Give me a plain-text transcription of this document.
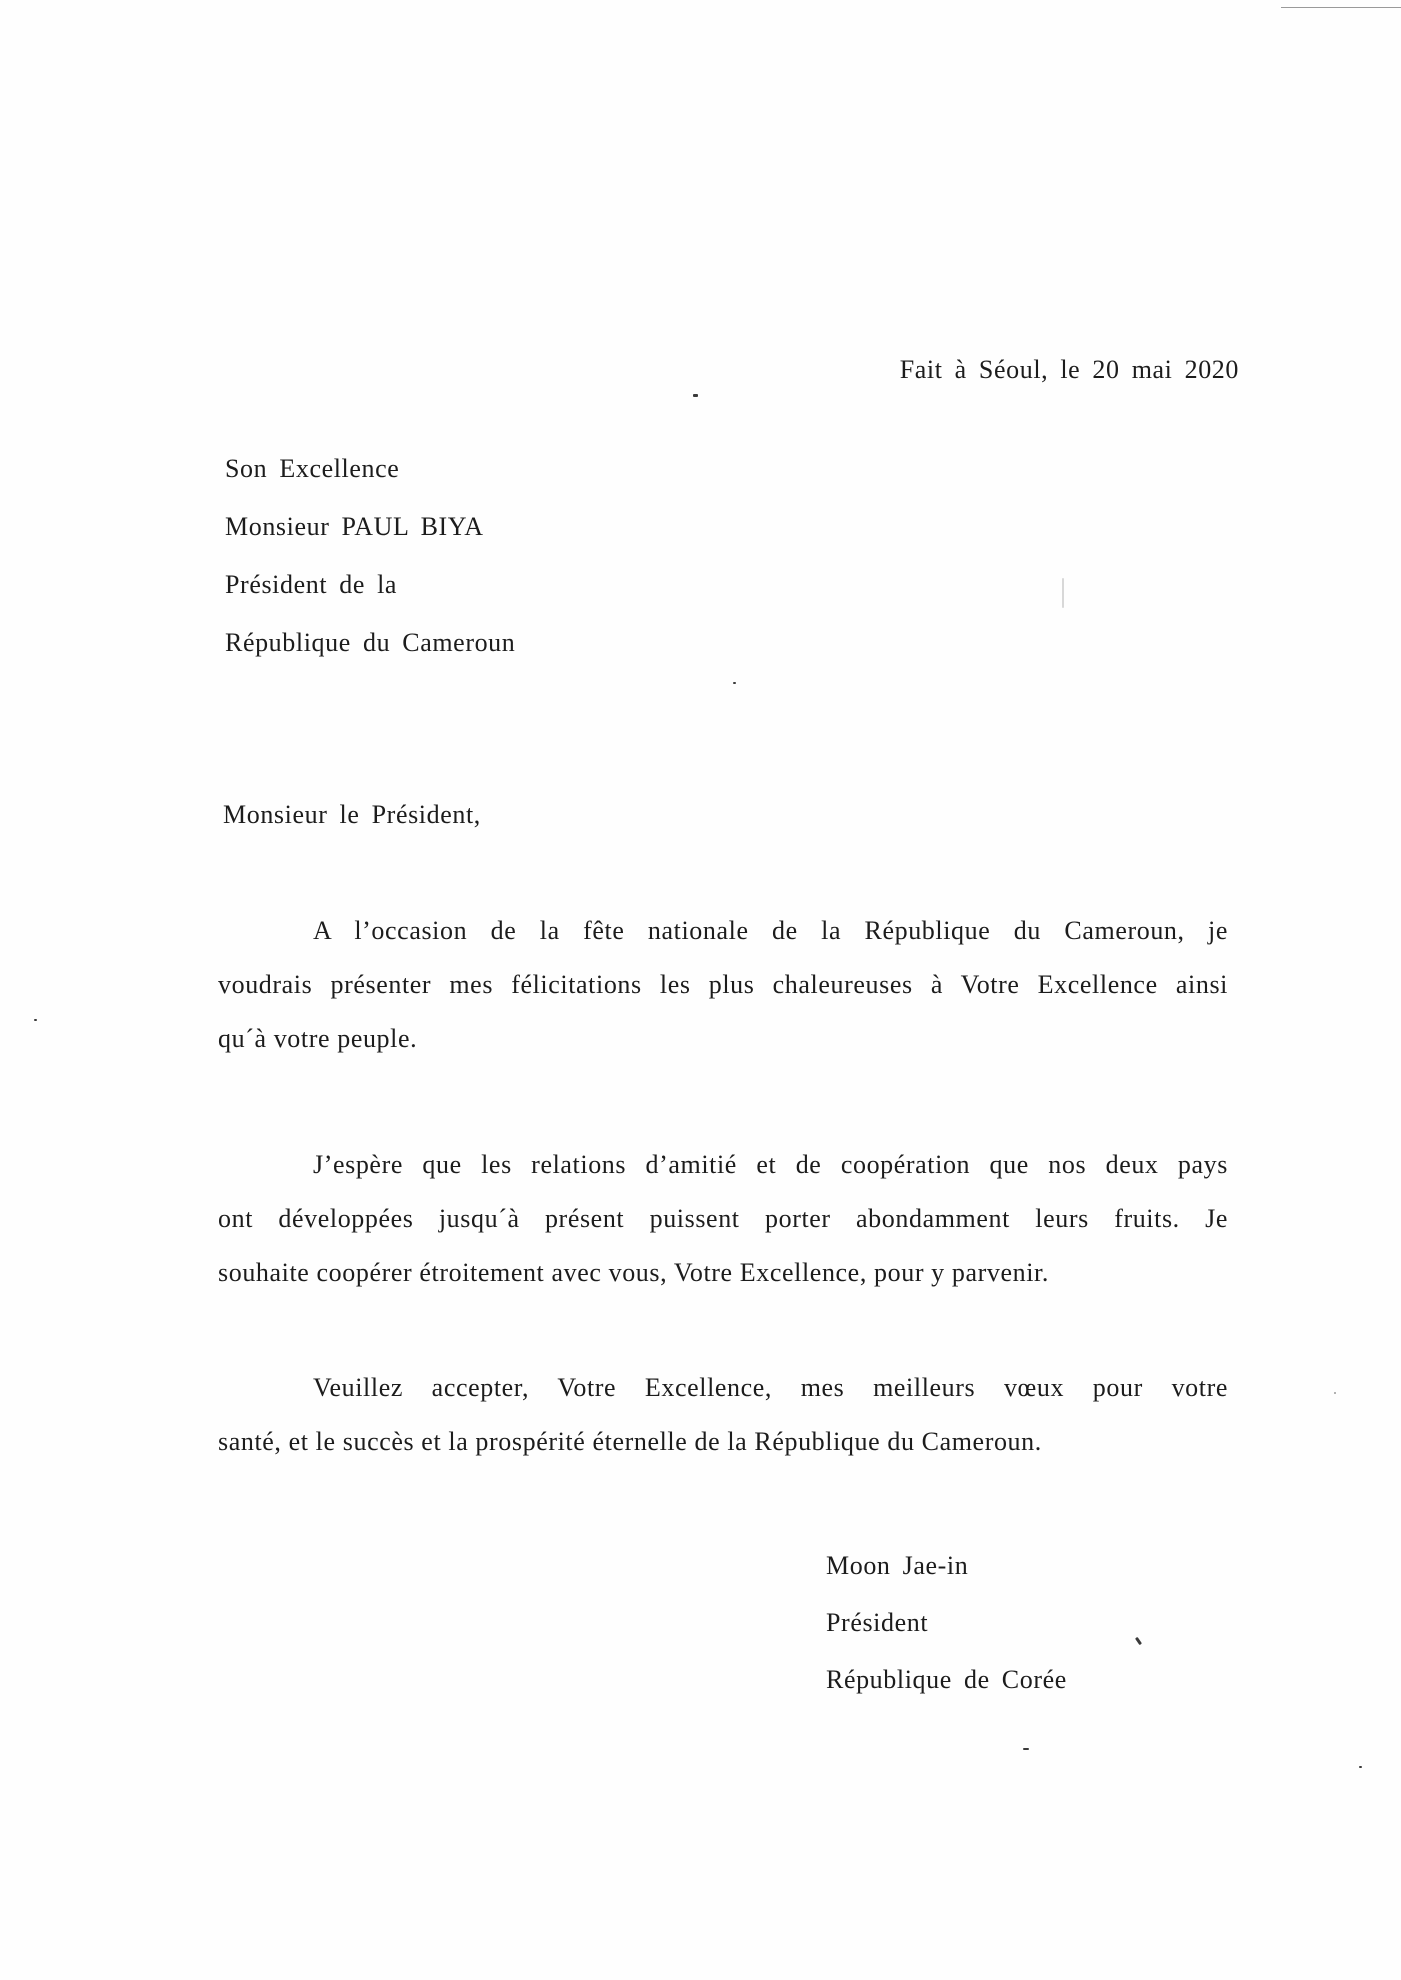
Fait à Séoul, le 20 mai 2020
Son Excellence
Monsieur PAUL BIYA
Président de la
République du Cameroun
Monsieur le Président,
A l’occasion de la fête nationale de la République du Cameroun, je
voudrais présenter mes félicitations les plus chaleureuses à Votre Excellence ainsi
qu´à votre peuple.
J’espère que les relations d’amitié et de coopération que nos deux pays
ont développées jusqu´à présent puissent porter abondamment leurs fruits. Je
souhaite coopérer étroitement avec vous, Votre Excellence, pour y parvenir.
Veuillez accepter, Votre Excellence, mes meilleurs vœux pour votre
santé, et le succès et la prospérité éternelle de la République du Cameroun.
Moon Jae-in
Président
République de Corée
